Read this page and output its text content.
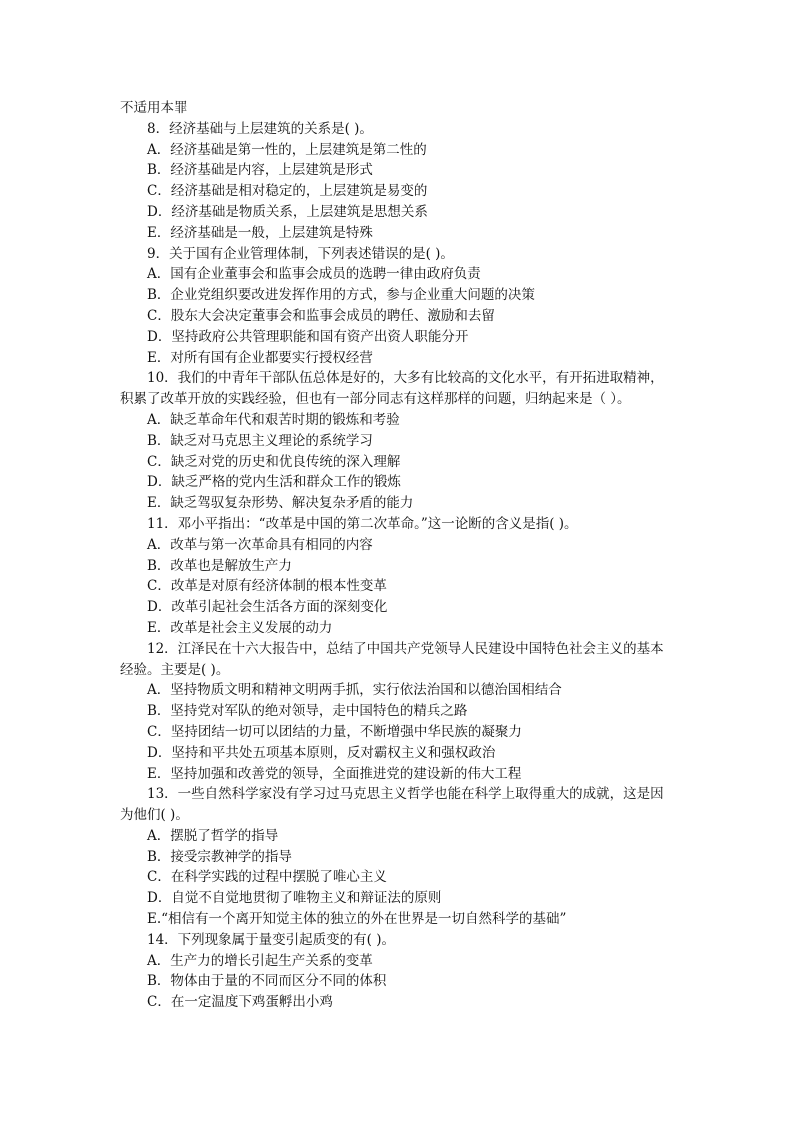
不适用本罪
8．经济基础与上层建筑的关系是( )。
A．经济基础是第一性的，上层建筑是第二性的
B．经济基础是内容，上层建筑是形式
C．经济基础是相对稳定的，上层建筑是易变的
D．经济基础是物质关系，上层建筑是思想关系
E．经济基础是一般，上层建筑是特殊
9．关于国有企业管理体制，下列表述错误的是( )。
A．国有企业董事会和监事会成员的选聘一律由政府负责
B．企业党组织要改进发挥作用的方式，参与企业重大问题的决策
C．股东大会决定董事会和监事会成员的聘任、激励和去留
D．坚持政府公共管理职能和国有资产出资人职能分开
E．对所有国有企业都要实行授权经营
10．我们的中青年干部队伍总体是好的，大多有比较高的文化水平，有开拓进取精神，积累了改革开放的实践经验，但也有一部分同志有这样那样的问题，归纳起来是（ ）。
A．缺乏革命年代和艰苦时期的锻炼和考验
B．缺乏对马克思主义理论的系统学习
C．缺乏对党的历史和优良传统的深入理解
D．缺乏严格的党内生活和群众工作的锻炼
E．缺乏驾驭复杂形势、解决复杂矛盾的能力
11．邓小平指出：“改革是中国的第二次革命。”这一论断的含义是指( )。
A．改革与第一次革命具有相同的内容
B．改革也是解放生产力
C．改革是对原有经济体制的根本性变革
D．改革引起社会生活各方面的深刻变化
E．改革是社会主义发展的动力
12．江泽民在十六大报告中，总结了中国共产党领导人民建设中国特色社会主义的基本经验。主要是( )。
A．坚持物质文明和精神文明两手抓，实行依法治国和以德治国相结合
B．坚持党对军队的绝对领导，走中国特色的精兵之路
C．坚持团结一切可以团结的力量，不断增强中华民族的凝聚力
D．坚持和平共处五项基本原则，反对霸权主义和强权政治
E．坚持加强和改善党的领导，全面推进党的建设新的伟大工程
13．一些自然科学家没有学习过马克思主义哲学也能在科学上取得重大的成就，这是因为他们( )。
A．摆脱了哲学的指导
B．接受宗教神学的指导
C．在科学实践的过程中摆脱了唯心主义
D．自觉不自觉地贯彻了唯物主义和辩证法的原则
E.“相信有一个离开知觉主体的独立的外在世界是一切自然科学的基础”
14．下列现象属于量变引起质变的有( )。
A．生产力的增长引起生产关系的变革
B．物体由于量的不同而区分不同的体积
C．在一定温度下鸡蛋孵出小鸡
